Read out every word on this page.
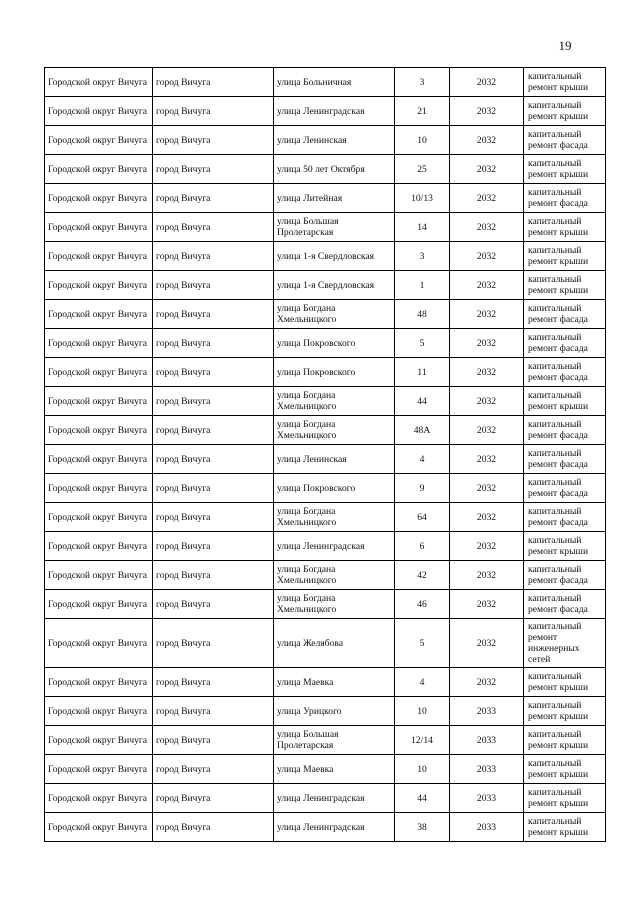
19
Городской округ Вичуга	город Вичуга	улица Больничная	3	2032	капитальный ремонт крыши
Городской округ Вичуга	город Вичуга	улица Ленинградская	21	2032	капитальный ремонт крыши
Городской округ Вичуга	город Вичуга	улица Ленинская	10	2032	капитальный ремонт фасада
Городской округ Вичуга	город Вичуга	улица 50 лет Октября	25	2032	капитальный ремонт крыши
Городской округ Вичуга	город Вичуга	улица Литейная	10/13	2032	капитальный ремонт фасада
Городской округ Вичуга	город Вичуга	улица Большая Пролетарская	14	2032	капитальный ремонт крыши
Городской округ Вичуга	город Вичуга	улица 1-я Свердловская	3	2032	капитальный ремонт крыши
Городской округ Вичуга	город Вичуга	улица 1-я Свердловская	1	2032	капитальный ремонт крыши
Городской округ Вичуга	город Вичуга	улица Богдана Хмельницкого	48	2032	капитальный ремонт фасада
Городской округ Вичуга	город Вичуга	улица Покровского	5	2032	капитальный ремонт фасада
Городской округ Вичуга	город Вичуга	улица Покровского	11	2032	капитальный ремонт фасада
Городской округ Вичуга	город Вичуга	улица Богдана Хмельницкого	44	2032	капитальный ремонт крыши
Городской округ Вичуга	город Вичуга	улица Богдана Хмельницкого	48А	2032	капитальный ремонт фасада
Городской округ Вичуга	город Вичуга	улица Ленинская	4	2032	капитальный ремонт фасада
Городской округ Вичуга	город Вичуга	улица Покровского	9	2032	капитальный ремонт фасада
Городской округ Вичуга	город Вичуга	улица Богдана Хмельницкого	64	2032	капитальный ремонт фасада
Городской округ Вичуга	город Вичуга	улица Ленинградская	6	2032	капитальный ремонт крыши
Городской округ Вичуга	город Вичуга	улица Богдана Хмельницкого	42	2032	капитальный ремонт фасада
Городской округ Вичуга	город Вичуга	улица Богдана Хмельницкого	46	2032	капитальный ремонт фасада
Городской округ Вичуга	город Вичуга	улица Желябова	5	2032	капитальный ремонт инженерных сетей
Городской округ Вичуга	город Вичуга	улица Маевка	4	2032	капитальный ремонт крыши
Городской округ Вичуга	город Вичуга	улица Урицкого	10	2033	капитальный ремонт крыши
Городской округ Вичуга	город Вичуга	улица Большая Пролетарская	12/14	2033	капитальный ремонт крыши
Городской округ Вичуга	город Вичуга	улица Маевка	10	2033	капитальный ремонт крыши
Городской округ Вичуга	город Вичуга	улица Ленинградская	44	2033	капитальный ремонт крыши
Городской округ Вичуга	город Вичуга	улица Ленинградская	38	2033	капитальный ремонт крыши
